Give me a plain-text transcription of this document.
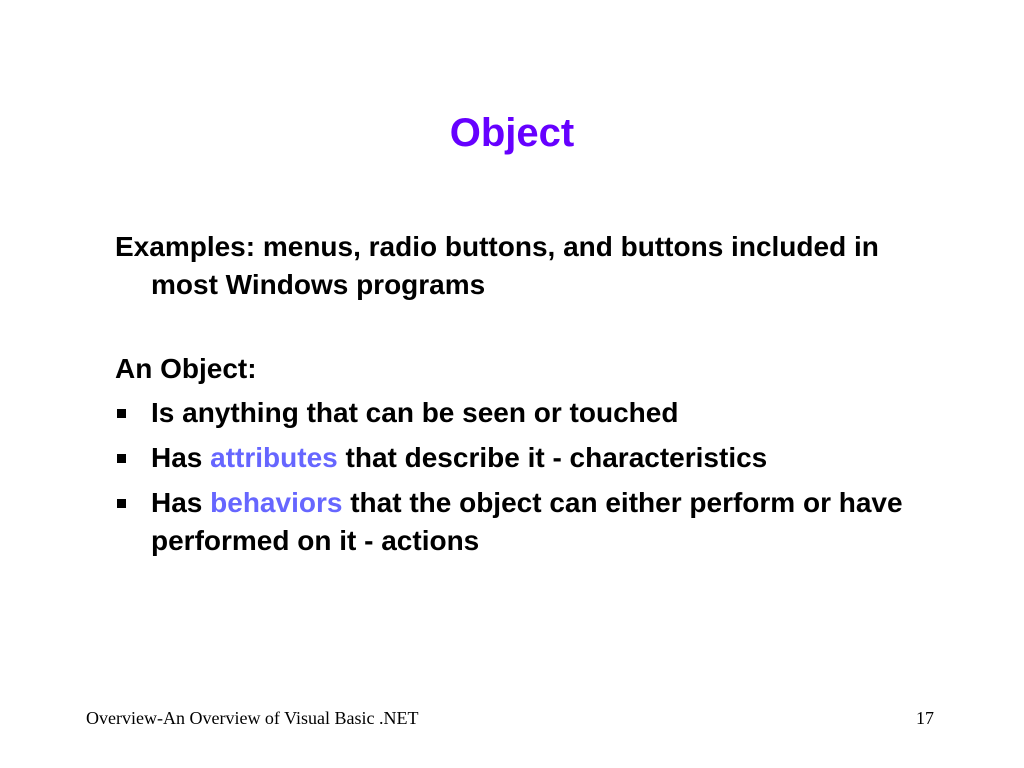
Object

Examples: menus, radio buttons, and buttons included in most Windows programs

An Object:

Is anything that can be seen or touched
Has attributes that describe it - characteristics
Has behaviors that the object can either perform or have performed on it - actions
Overview-An Overview of Visual Basic .NET	17
